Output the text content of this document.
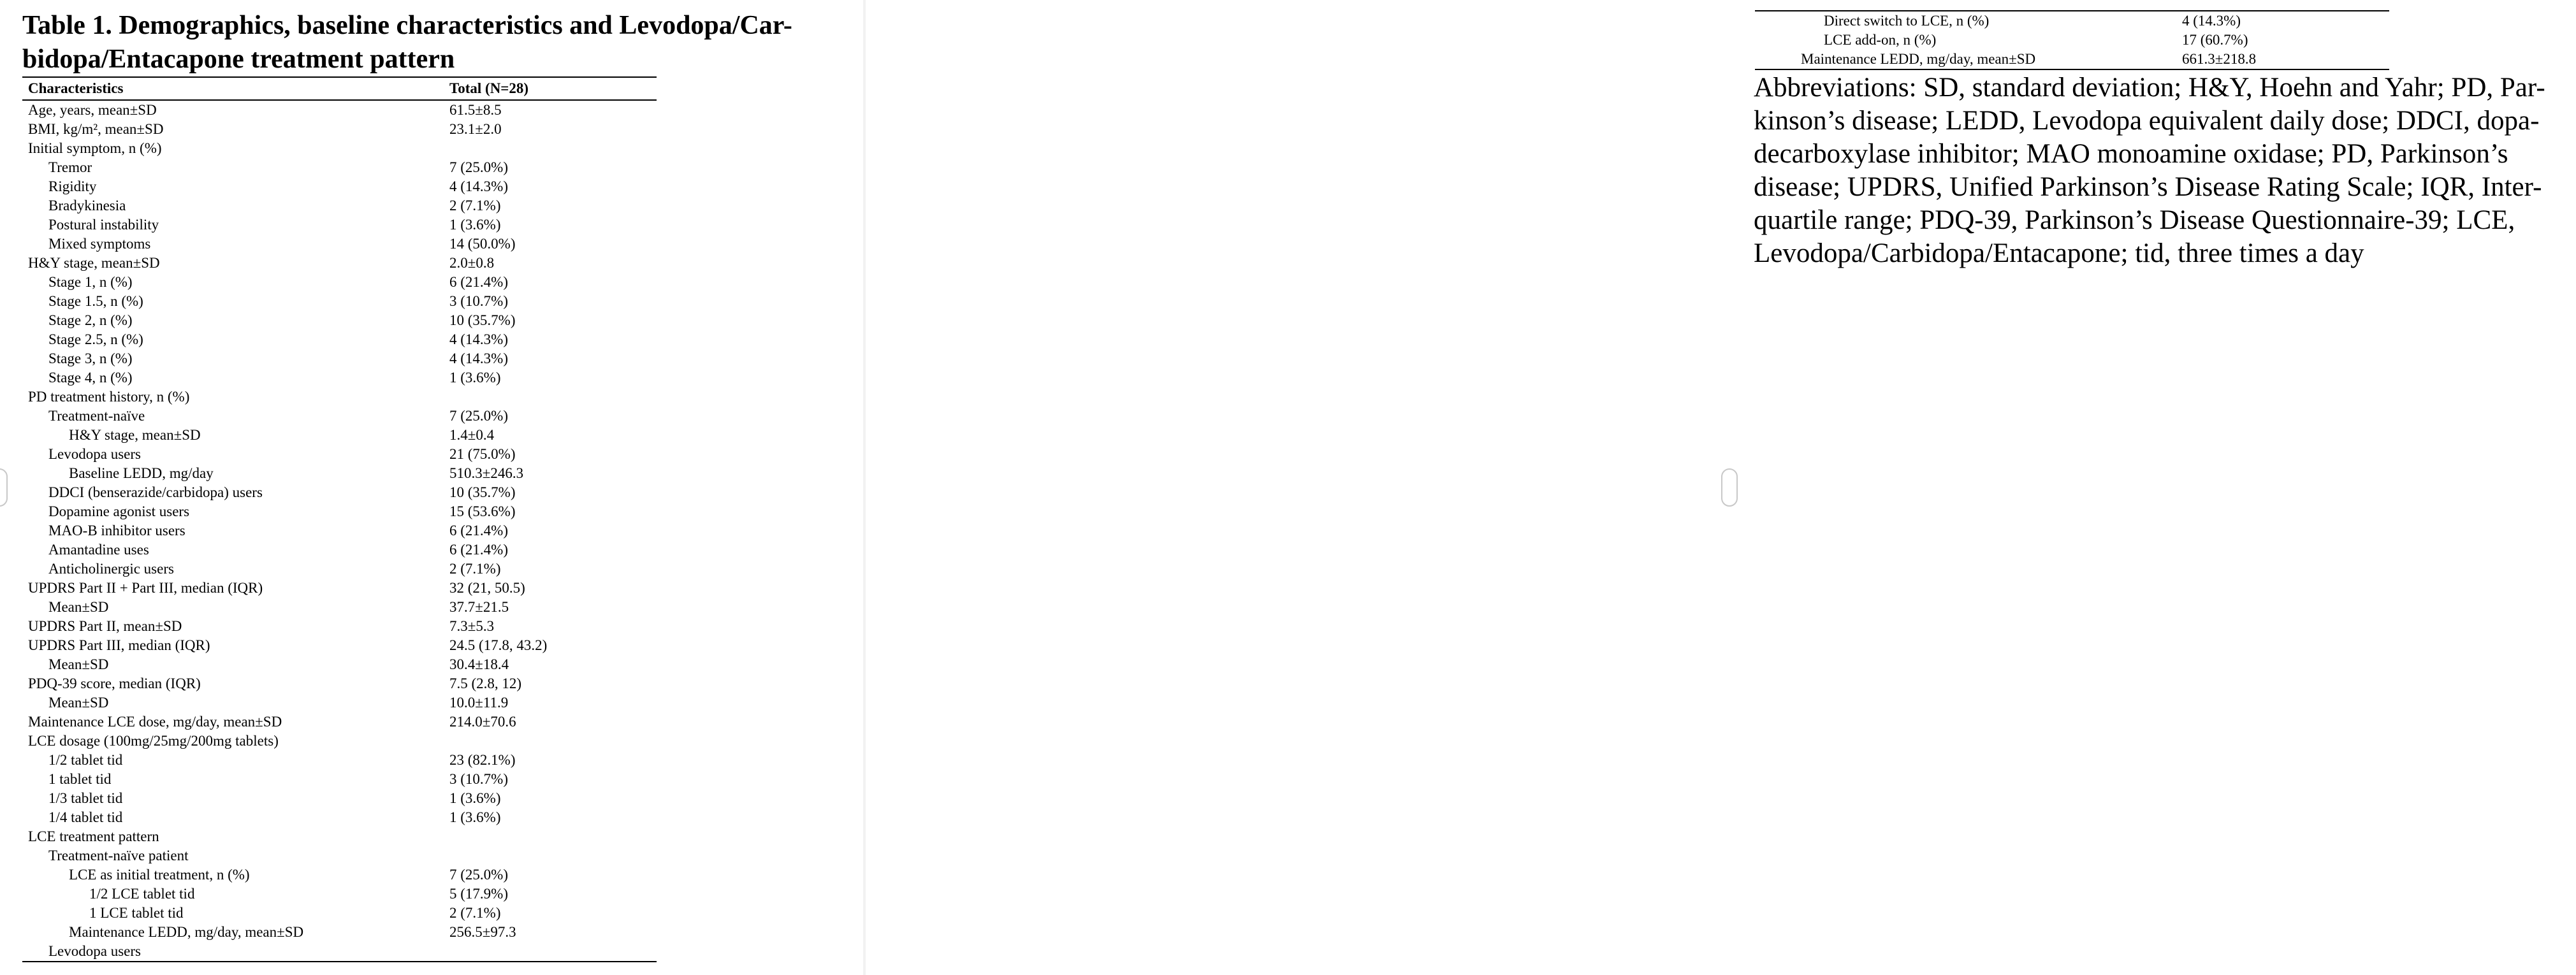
Table 1. Demographics, baseline characteristics and Levodopa/Car-
bidopa/Entacapone treatment pattern
Characteristics	Total (N=28)
Age, years, mean±SD	61.5±8.5
BMI, kg/m², mean±SD	23.1±2.0
Initial symptom, n (%)	
Tremor	7 (25.0%)
Rigidity	4 (14.3%)
Bradykinesia	2 (7.1%)
Postural instability	1 (3.6%)
Mixed symptoms	14 (50.0%)
H&Y stage, mean±SD	2.0±0.8
Stage 1, n (%)	6 (21.4%)
Stage 1.5, n (%)	3 (10.7%)
Stage 2, n (%)	10 (35.7%)
Stage 2.5, n (%)	4 (14.3%)
Stage 3, n (%)	4 (14.3%)
Stage 4, n (%)	1 (3.6%)
PD treatment history, n (%)	
Treatment-naïve	7 (25.0%)
H&Y stage, mean±SD	1.4±0.4
Levodopa users	21 (75.0%)
Baseline LEDD, mg/day	510.3±246.3
DDCI (benserazide/carbidopa) users	10 (35.7%)
Dopamine agonist users	15 (53.6%)
MAO-B inhibitor users	6 (21.4%)
Amantadine uses	6 (21.4%)
Anticholinergic users	2 (7.1%)
UPDRS Part II + Part III, median (IQR)	32 (21, 50.5)
Mean±SD	37.7±21.5
UPDRS Part II, mean±SD	7.3±5.3
UPDRS Part III, median (IQR)	24.5 (17.8, 43.2)
Mean±SD	30.4±18.4
PDQ-39 score, median (IQR)	7.5 (2.8, 12)
Mean±SD	10.0±11.9
Maintenance LCE dose, mg/day, mean±SD	214.0±70.6
LCE dosage (100mg/25mg/200mg tablets)	
1/2 tablet tid	23 (82.1%)
1 tablet tid	3 (10.7%)
1/3 tablet tid	1 (3.6%)
1/4 tablet tid	1 (3.6%)
LCE treatment pattern	
Treatment-naïve patient	
LCE as initial treatment, n (%)	7 (25.0%)
1/2 LCE tablet tid	5 (17.9%)
1 LCE tablet tid	2 (7.1%)
Maintenance LEDD, mg/day, mean±SD	256.5±97.3
Levodopa users	
Direct switch to LCE, n (%)	4 (14.3%)
LCE add-on, n (%)	17 (60.7%)
Maintenance LEDD, mg/day, mean±SD	661.3±218.8

Abbreviations: SD, standard deviation; H&Y, Hoehn and Yahr; PD, Par-
kinson’s disease; LEDD, Levodopa equivalent daily dose; DDCI, dopa-
decarboxylase inhibitor; MAO monoamine oxidase; PD, Parkinson’s
disease; UPDRS, Unified Parkinson’s Disease Rating Scale; IQR, Inter-
quartile range; PDQ-39, Parkinson’s Disease Questionnaire-39; LCE,
Levodopa/Carbidopa/Entacapone; tid, three times a day
